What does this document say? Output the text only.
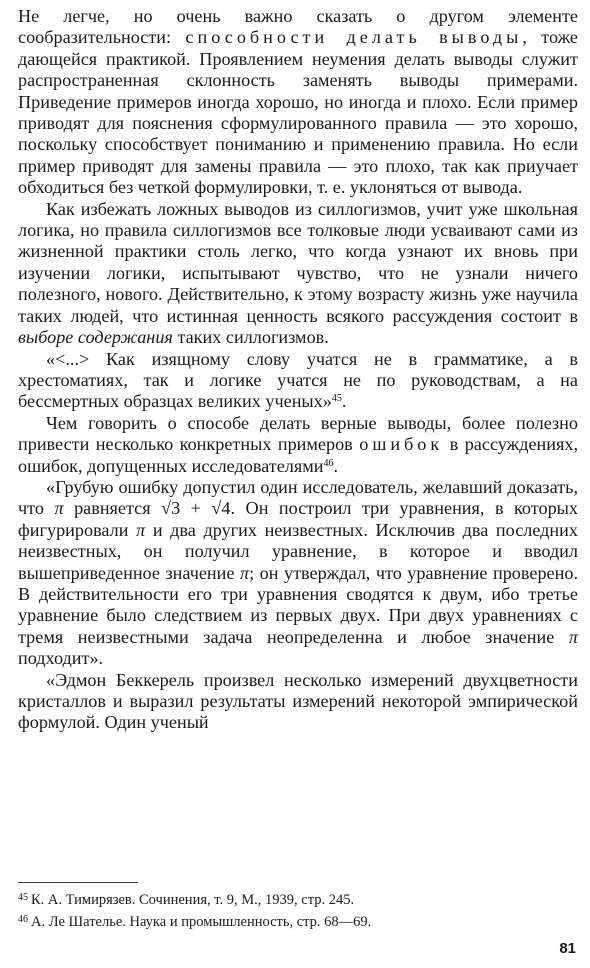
Не легче, но очень важно сказать о другом элементе сообразительности: способности делать выводы, тоже дающейся практикой. Проявлением неумения делать выводы служит распространенная склонность заменять выводы примерами. Приведение примеров иногда хорошо, но иногда и плохо. Если пример приводят для пояснения сформулированного правила — это хорошо, поскольку способствует пониманию и применению правила. Но если пример приводят для замены правила — это плохо, так как приучает обходиться без четкой формулировки, т. е. уклоняться от вывода.

Как избежать ложных выводов из силлогизмов, учит уже школьная логика, но правила силлогизмов все толковые люди усваивают сами из жизненной практики столь легко, что когда узнают их вновь при изучении логики, испытывают чувство, что не узнали ничего полезного, нового. Действительно, к этому возрасту жизнь уже научила таких людей, что истинная ценность всякого рассуждения состоит в выборе содержания таких силлогизмов.

«<...> Как изящному слову учатся не в грамматике, а в хрестоматиях, так и логике учатся не по руководствам, а на бессмертных образцах великих ученых»$^{45}$.

Чем говорить о способе делать верные выводы, более полезно привести несколько конкретных примеров ошибок в рассуждениях, ошибок, допущенных исследователями$^{46}$.

«Грубую ошибку допустил один исследователь, желавший доказать, что π равняется √3 + √4. Он построил три уравнения, в которых фигурировали π и два других неизвестных. Исключив два последних неизвестных, он получил уравнение, в которое и вводил вышеприведенное значение π; он утверждал, что уравнение проверено. В действительности его три уравнения сводятся к двум, ибо третье уравнение было следствием из первых двух. При двух уравнениях с тремя неизвестными задача неопределенна и любое значение π подходит».

«Эдмон Беккерель произвел несколько измерений двухцветности кристаллов и выразил результаты измерений некоторой эмпирической формулой. Один ученый

$^{45}$ К. А. Тимирязев. Сочинения, т. 9, М., 1939, стр. 245.

$^{46}$ А. Ле Шателье. Наука и промышленность, стр. 68—69.

81
